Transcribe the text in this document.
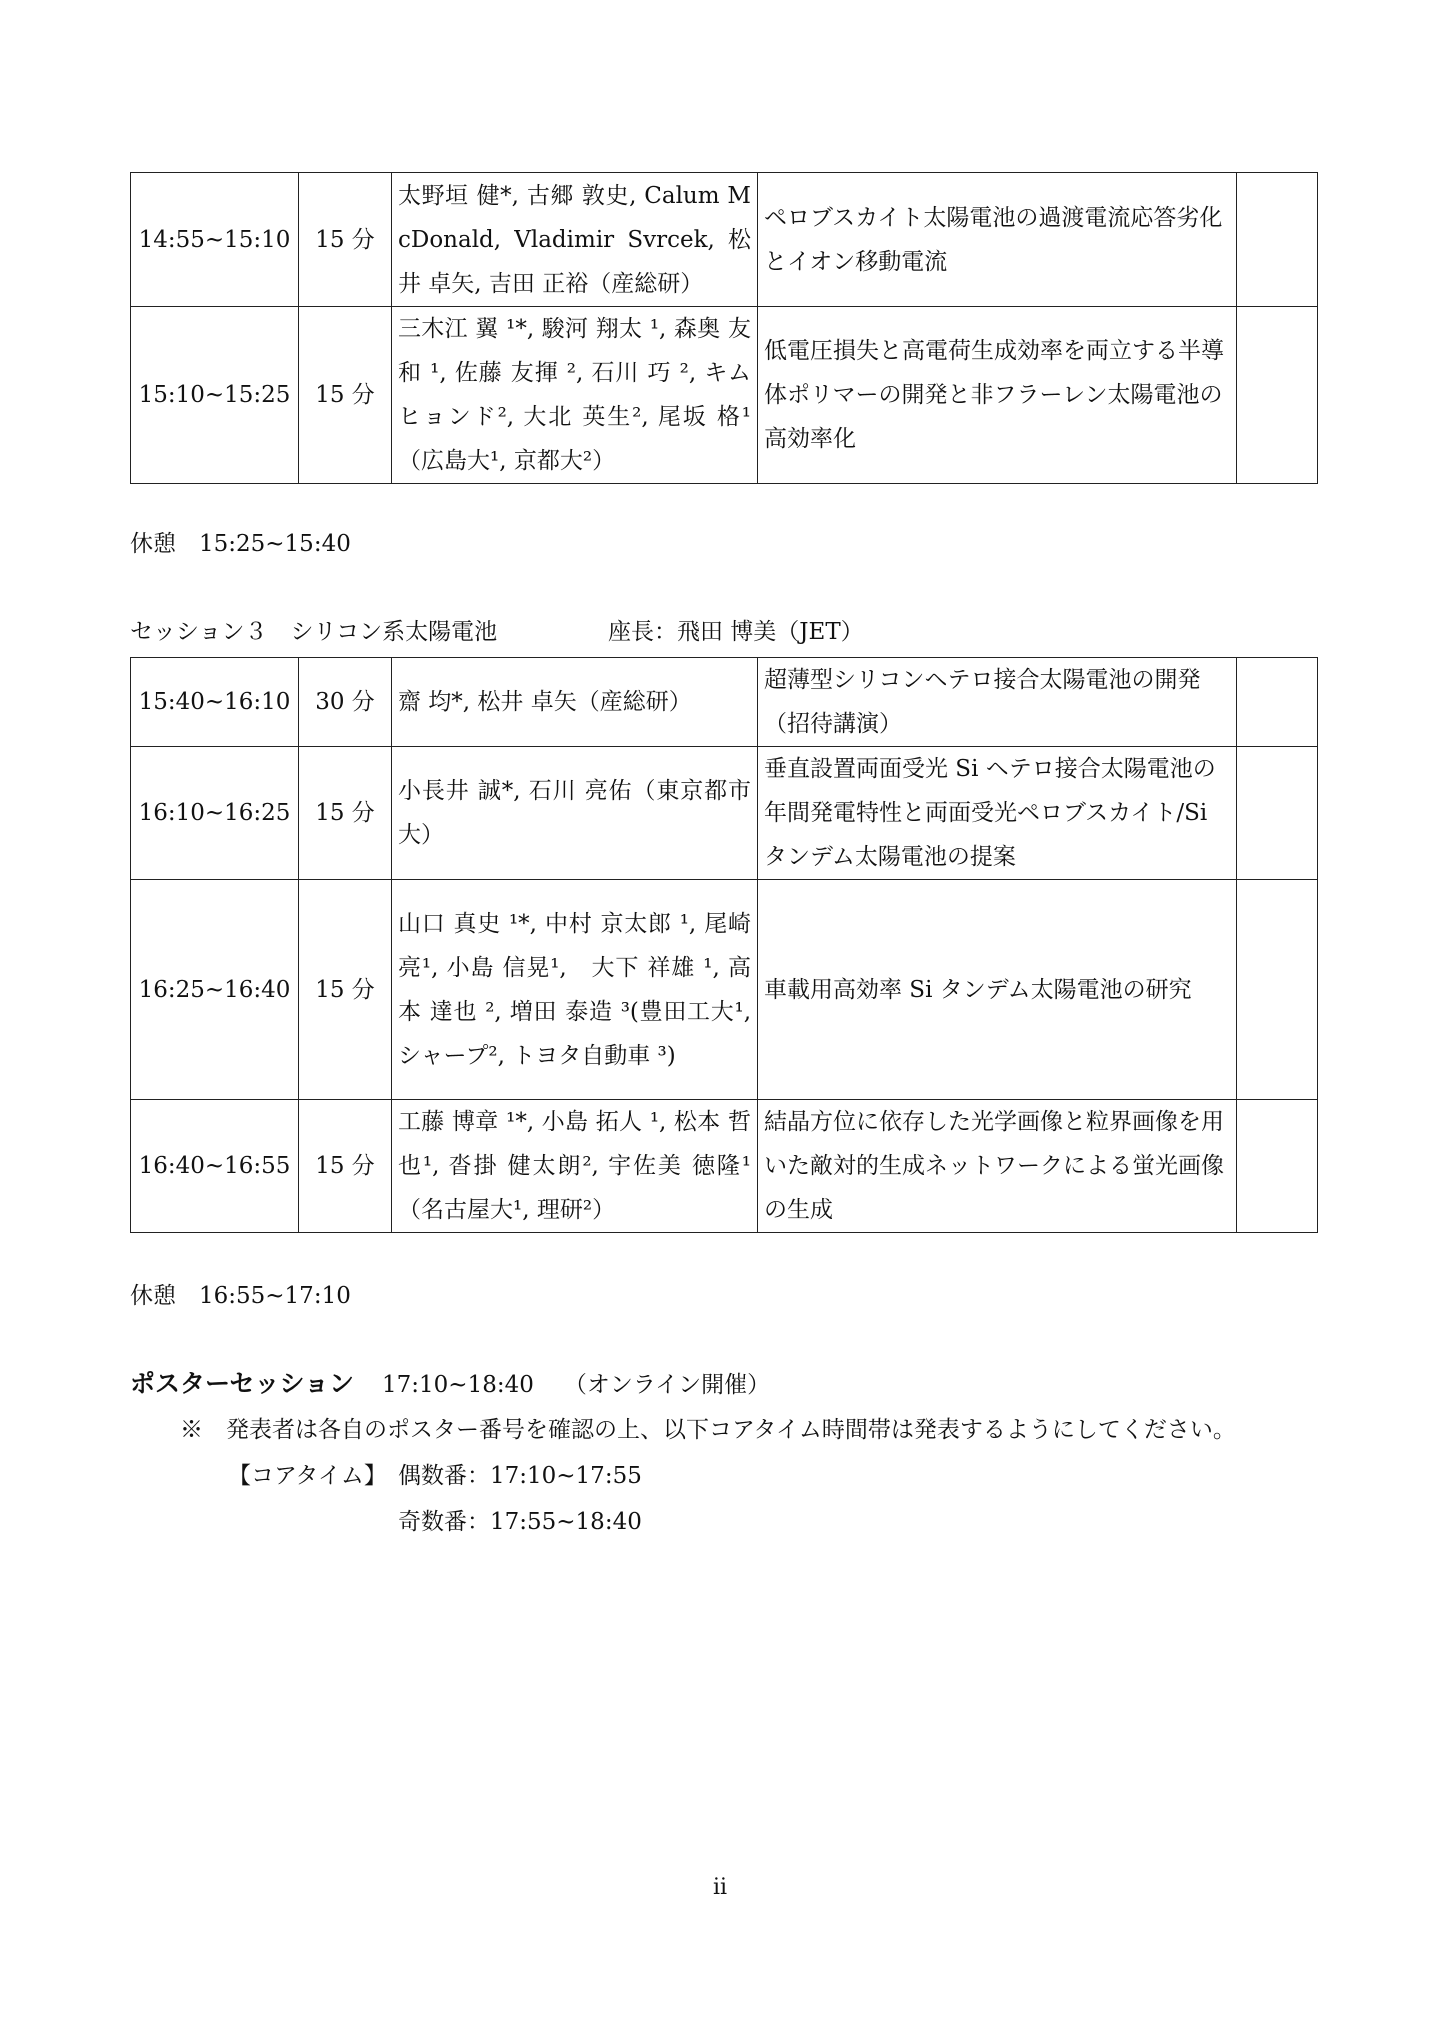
14:55~15:10	15 分	太野垣 健*, 古郷 敦史, Calum McDonald, Vladimir Svrcek, 松井 卓矢, 吉田 正裕（産総研）	ペロブスカイト太陽電池の過渡電流応答劣化とイオン移動電流	
15:10~15:25	15 分	三木江 翼 ¹*, 駿河 翔太 ¹, 森奥 友和 ¹, 佐藤 友揮 ², 石川 巧 ², キム ヒョンド², 大北 英生², 尾坂 格¹（広島大¹, 京都大²）	低電圧損失と高電荷生成効率を両立する半導体ポリマーの開発と非フラーレン太陽電池の高効率化	
休憩　15:25~15:40
セッション３　シリコン系太陽電池	座長：飛田 博美（JET）
15:40~16:10	30 分	齋 均*, 松井 卓矢（産総研）	超薄型シリコンヘテロ接合太陽電池の開発（招待講演）	
16:10~16:25	15 分	小長井 誠*, 石川 亮佑（東京都市大）	垂直設置両面受光 Si ヘテロ接合太陽電池の年間発電特性と両面受光ペロブスカイト/Si タンデム太陽電池の提案	
16:25~16:40	15 分	山口 真史 ¹*, 中村 京太郎 ¹, 尾崎 亮¹, 小島 信晃¹,　大下 祥雄 ¹, 高本 達也 ², 増田 泰造 ³(豊田工大¹, シャープ², トヨタ自動車 ³)	車載用高効率 Si タンデム太陽電池の研究	
16:40~16:55	15 分	工藤 博章 ¹*, 小島 拓人 ¹, 松本 哲也¹, 沓掛 健太朗², 宇佐美 徳隆¹（名古屋大¹, 理研²）	結晶方位に依存した光学画像と粒界画像を用いた敵対的生成ネットワークによる蛍光画像の生成	
休憩　16:55~17:10
ポスターセッション 17:10~18:40 （オンライン開催）
※　発表者は各自のポスター番号を確認の上、以下コアタイム時間帯は発表するようにしてください。
【コアタイム】 偶数番：17:10~17:55
奇数番：17:55~18:40
ii
